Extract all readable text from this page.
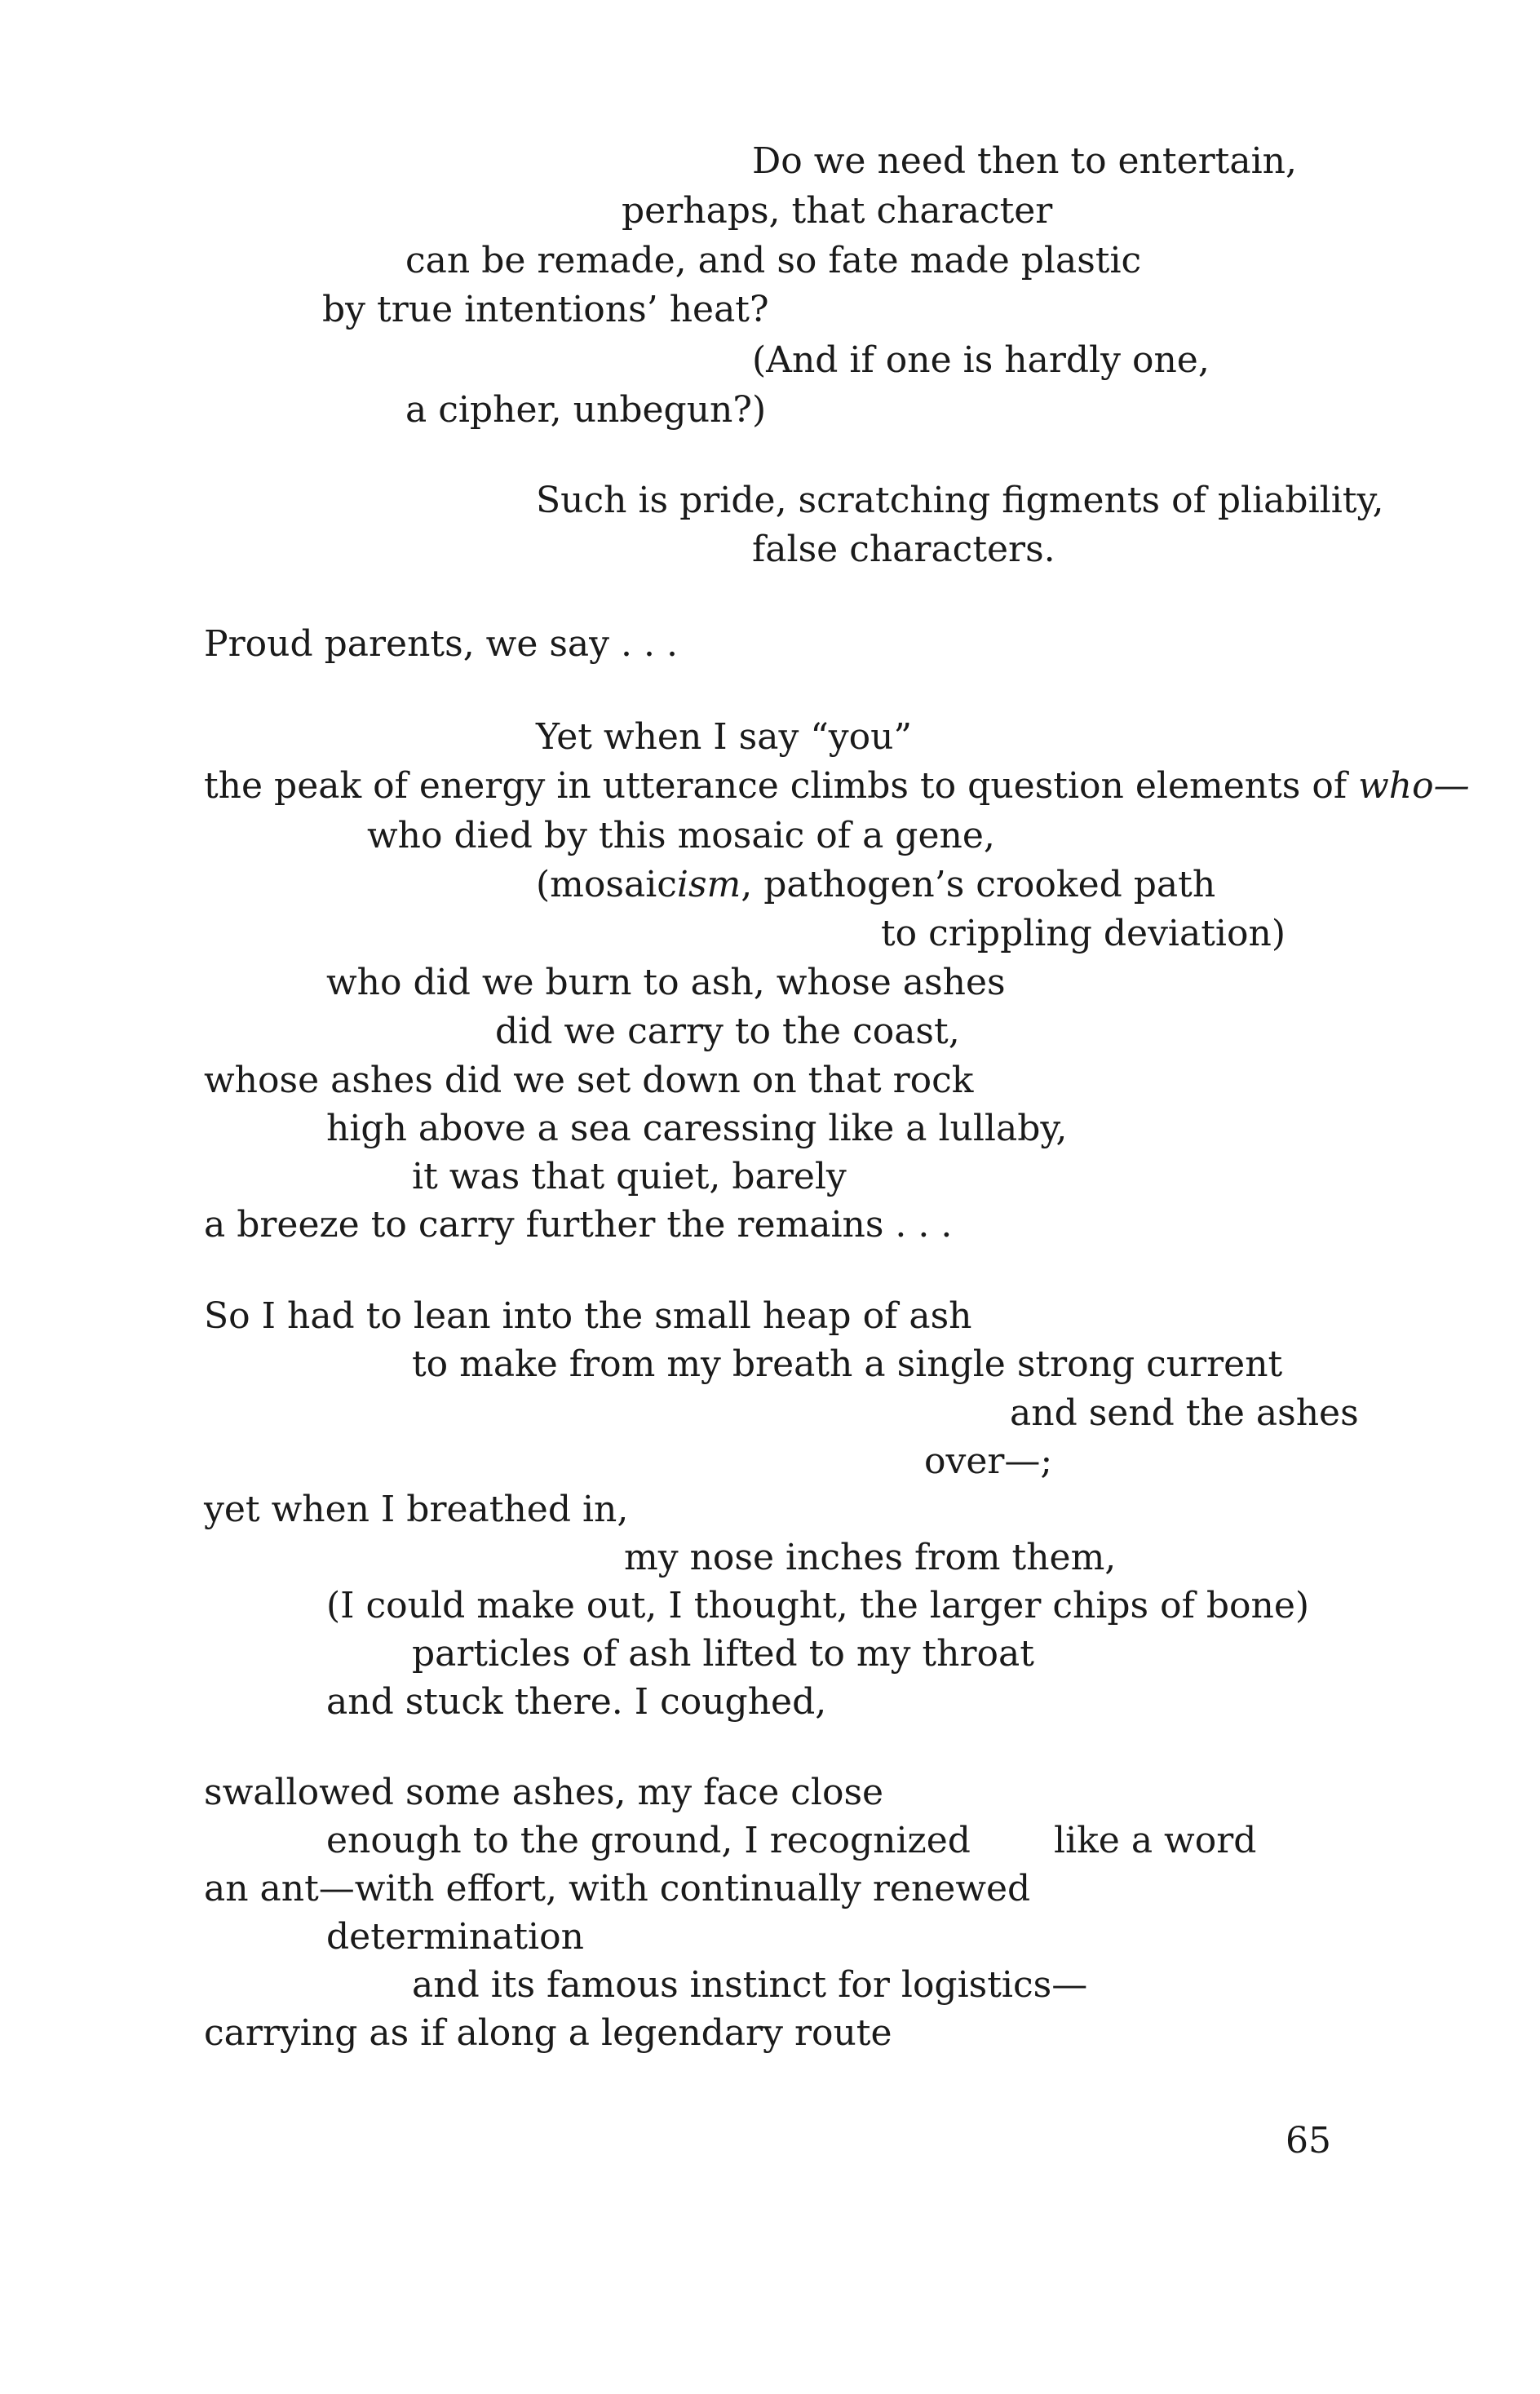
Do we need then to entertain,
perhaps, that character
can be remade, and so fate made plastic
by true intentions’ heat?
(And if one is hardly one,
a cipher, unbegun?)
Such is pride, scratching figments of pliability,
false characters.
Proud parents, we say . . .
Yet when I say “you”
the peak of energy in utterance climbs to question elements of who—
who died by this mosaic of a gene,
(mosaicism, pathogen’s crooked path
to crippling deviation)
who did we burn to ash, whose ashes
did we carry to the coast,
whose ashes did we set down on that rock
high above a sea caressing like a lullaby,
it was that quiet, barely
a breeze to carry further the remains . . .
So I had to lean into the small heap of ash
to make from my breath a single strong current
and send the ashes
over—;
yet when I breathed in,
my nose inches from them,
(I could make out, I thought, the larger chips of bone)
particles of ash lifted to my throat
and stuck there. I coughed,
swallowed some ashes, my face close
enough to the ground, I recognized like a word
an ant—with effort, with continually renewed
determination
and its famous instinct for logistics—
carrying as if along a legendary route
65
